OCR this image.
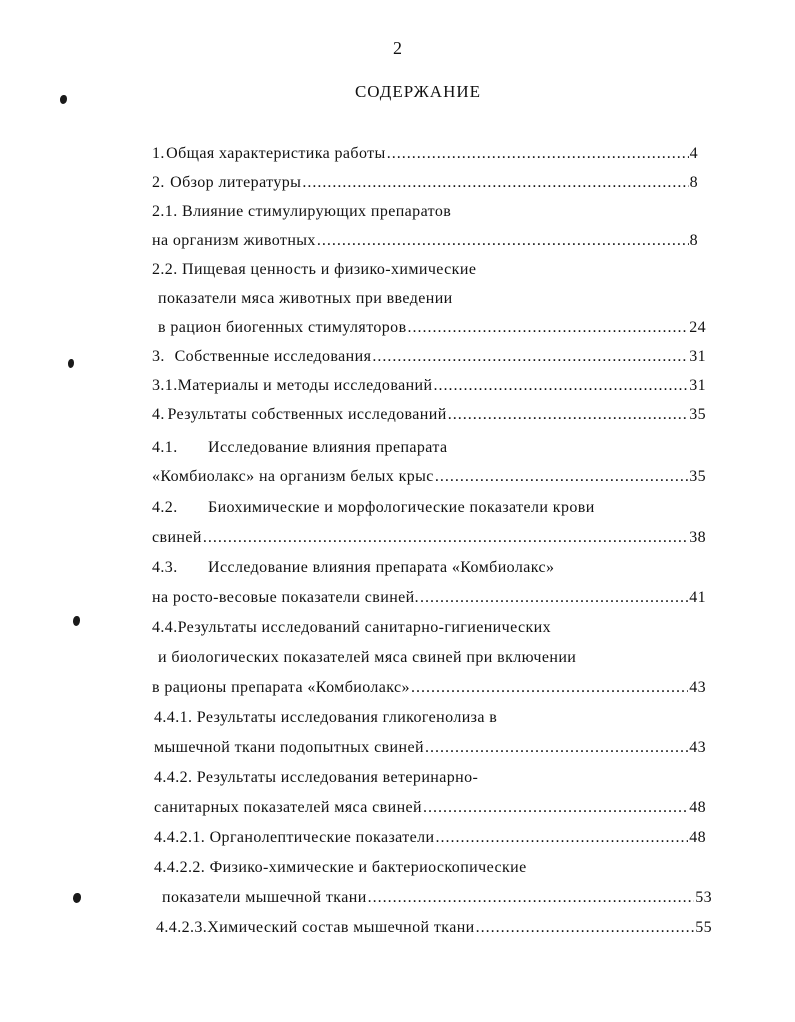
2
СОДЕРЖАНИЕ
1. Общая характеристика работы .....	4
2. Обзор литературы .....	8
2.1. Влияние стимулирующих препаратов
на организм животных .....	8
2.2. Пищевая ценность и физико-химические
показатели мяса животных при введении
в рацион биогенных стимуляторов .....	24
3. Собственные исследования .....	31
3.1. Материалы и методы исследований .....	31
4. Результаты собственных исследований .....	35
4.1.	Исследование влияния препарата
«Комбиолакс» на организм белых крыс .....	35
4.2.	Биохимические и морфологические показатели крови
свиней .....	38
4.3.	Исследование влияния препарата «Комбиолакс»
на росто-весовые показатели свиней. .....	41
4.4.Результаты исследований санитарно-гигиенических
и биологических показателей мяса свиней при включении
в рационы препарата «Комбиолакс» .....	43
4.4.1. Результаты исследования гликогенолиза в
мышечной ткани подопытных свиней .....	43
4.4.2. Результаты исследования ветеринарно-
санитарных показателей мяса свиней .....	48
4.4.2.1. Органолептические показатели .....	48
4.4.2.2. Физико-химические и бактериоскопические
показатели мышечной ткани .....	53
4.4.2.3.Химический состав мышечной ткани .....	55
